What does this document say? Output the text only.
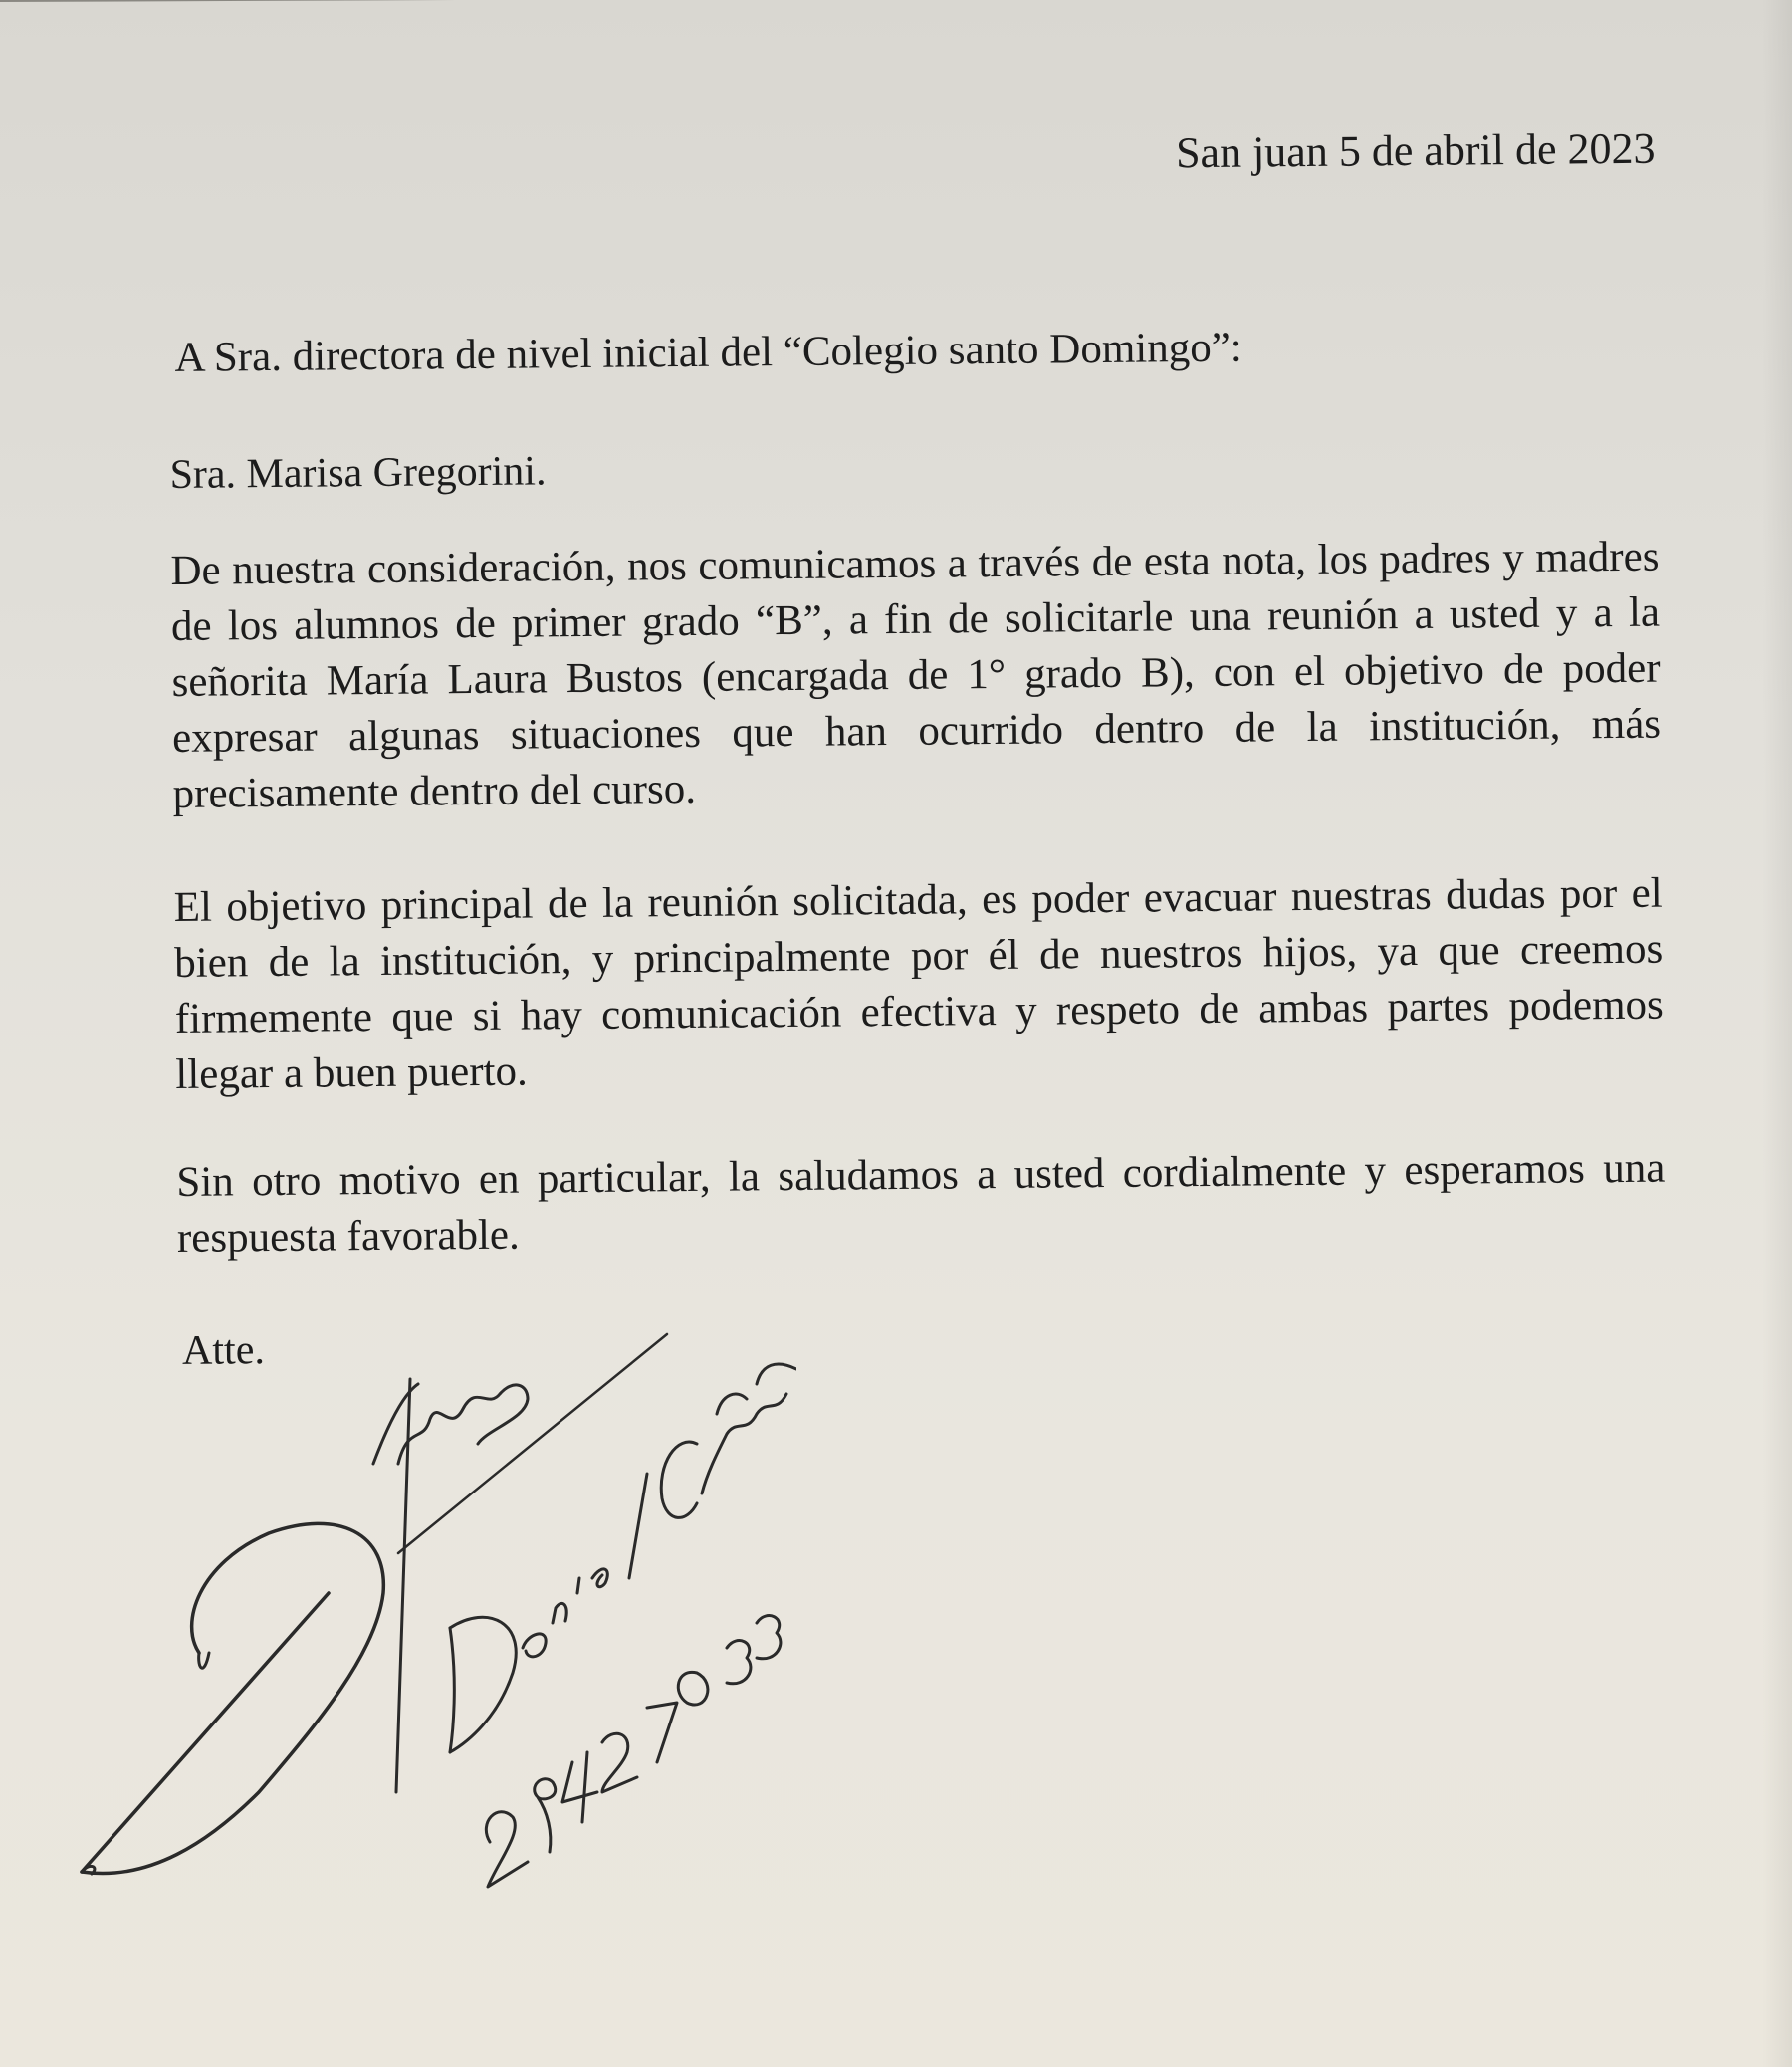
San juan 5 de abril de 2023
A Sra. directora de nivel inicial del “Colegio santo Domingo”:
Sra. Marisa Gregorini.
De nuestra consideración, nos comunicamos a través de esta nota, los padres y madres de los alumnos de primer grado “B”, a fin de solicitarle una reunión a usted y a la señorita María Laura Bustos (encargada de 1° grado B), con el objetivo de poder expresar algunas situaciones que han ocurrido dentro de la institución, más precisamente dentro del curso.
El objetivo principal de la reunión solicitada, es poder evacuar nuestras dudas por el bien de la institución, y principalmente por él de nuestros hijos, ya que creemos firmemente que si hay comunicación efectiva y respeto de ambas partes podemos llegar a buen puerto.
Sin otro motivo en particular, la saludamos a usted cordialmente y esperamos una respuesta favorable.
Atte.
